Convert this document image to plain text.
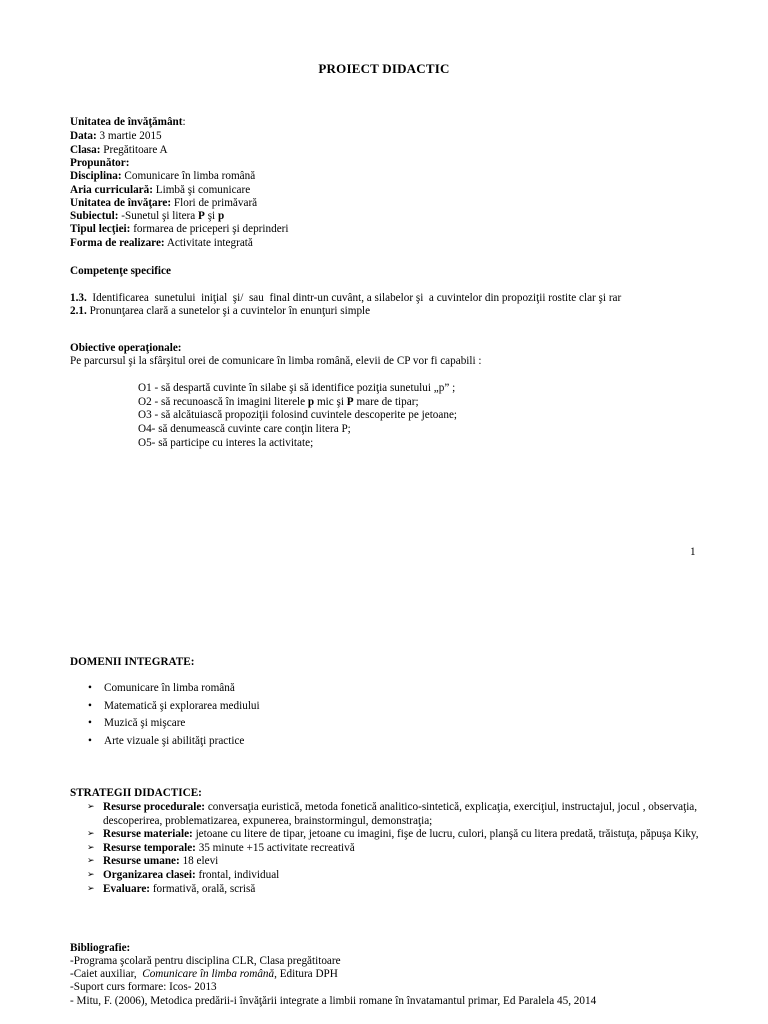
PROIECT DIDACTIC
Unitatea de învăţământ:
Data: 3 martie 2015
Clasa: Pregătitoare A
Propunător:
Disciplina: Comunicare în limba română
Aria curriculară: Limbă şi comunicare
Unitatea de învăţare: Flori de primăvară
Subiectul: -Sunetul şi litera P şi p
Tipul lecţiei: formarea de priceperi şi deprinderi
Forma de realizare: Activitate integrată
Competenţe specifice
1.3.  Identificarea  sunetului  iniţial  şi/  sau  final dintr-un cuvânt, a silabelor şi  a cuvintelor din propoziţii rostite clar şi rar
2.1. Pronunţarea clară a sunetelor şi a cuvintelor în enunţuri simple
Obiective operaţionale:
Pe parcursul şi la sfârşitul orei de comunicare în limba română, elevii de CP vor fi capabili :
O1 - să despartă cuvinte în silabe şi să identifice poziţia sunetului „p” ;
O2 - să recunoască în imagini literele p mic şi P mare de tipar;
O3 - să alcătuiască propoziţii folosind cuvintele descoperite pe jetoane;
O4- să denumească cuvinte care conţin litera P;
O5- să participe cu interes la activitate;
1
DOMENII INTEGRATE:
• Comunicare în limba română
• Matematică şi explorarea mediului
• Muzică şi mişcare
• Arte vizuale şi abilităţi practice
STRATEGII DIDACTICE:
➢ Resurse procedurale: conversaţia euristică, metoda fonetică analitico-sintetică, explicaţia, exerciţiul, instructajul, jocul , observaţia, descoperirea, problematizarea, expunerea, brainstormingul, demonstraţia;
➢ Resurse materiale: jetoane cu litere de tipar, jetoane cu imagini, fişe de lucru, culori, planşă cu litera predată, trăistuţa, păpuşa Kiky,
➢ Resurse temporale: 35 minute +15 activitate recreativă
➢ Resurse umane: 18 elevi
➢ Organizarea clasei: frontal, individual
➢ Evaluare: formativă, orală, scrisă
Bibliografie:
-Programa şcolară pentru disciplina CLR, Clasa pregătitoare
-Caiet auxiliar,  Comunicare în limba română, Editura DPH
-Suport curs formare: Icos- 2013
- Mitu, F. (2006), Metodica predării-i învăţării integrate a limbii romane în învatamantul primar, Ed Paralela 45, 2014
